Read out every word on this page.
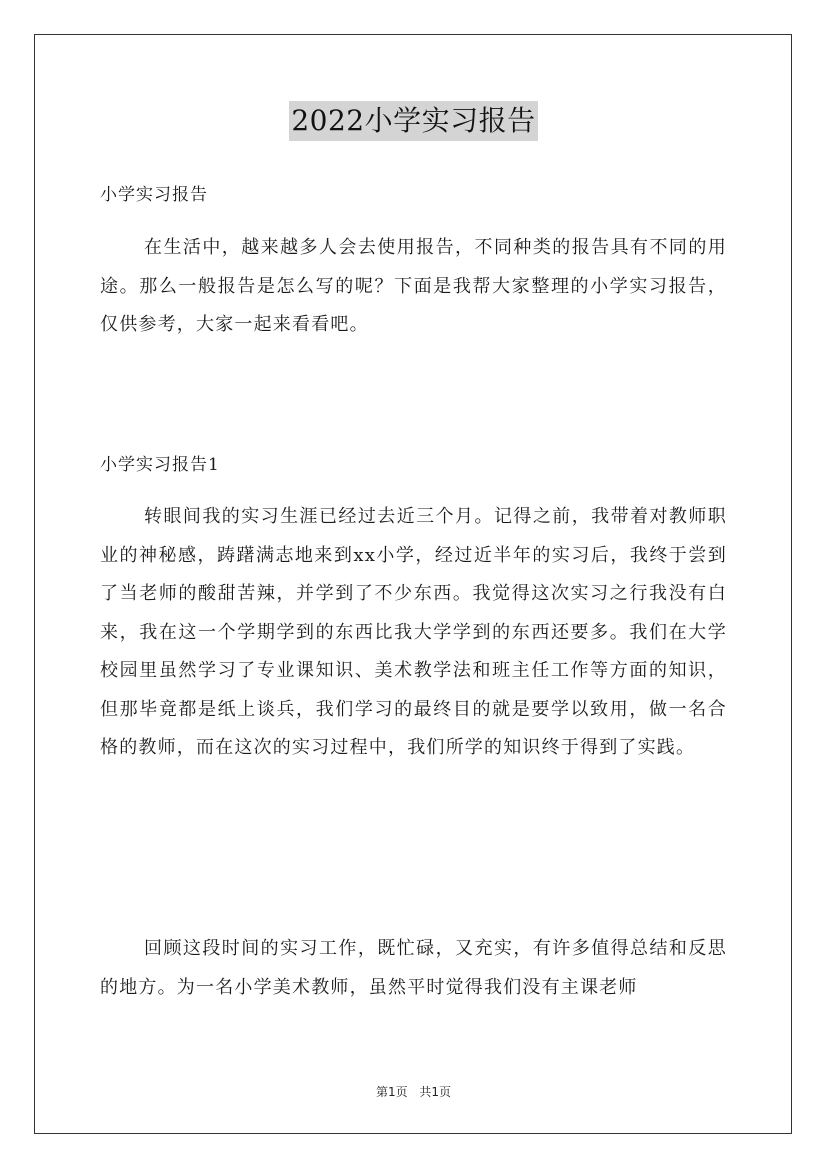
2022小学实习报告

小学实习报告

在生活中，越来越多人会去使用报告，不同种类的报告具有不同的用途。那么一般报告是怎么写的呢？下面是我帮大家整理的小学实习报告，仅供参考，大家一起来看看吧。

小学实习报告1

转眼间我的实习生涯已经过去近三个月。记得之前，我带着对教师职业的神秘感，踌躇满志地来到xx小学，经过近半年的实习后，我终于尝到了当老师的酸甜苦辣，并学到了不少东西。我觉得这次实习之行我没有白来，我在这一个学期学到的东西比我大学学到的东西还要多。我们在大学校园里虽然学习了专业课知识、美术教学法和班主任工作等方面的知识，但那毕竟都是纸上谈兵，我们学习的最终目的就是要学以致用，做一名合格的教师，而在这次的实习过程中，我们所学的知识终于得到了实践。

回顾这段时间的实习工作，既忙碌，又充实，有许多值得总结和反思的地方。为一名小学美术教师，虽然平时觉得我们没有主课老师

第1页 共1页
